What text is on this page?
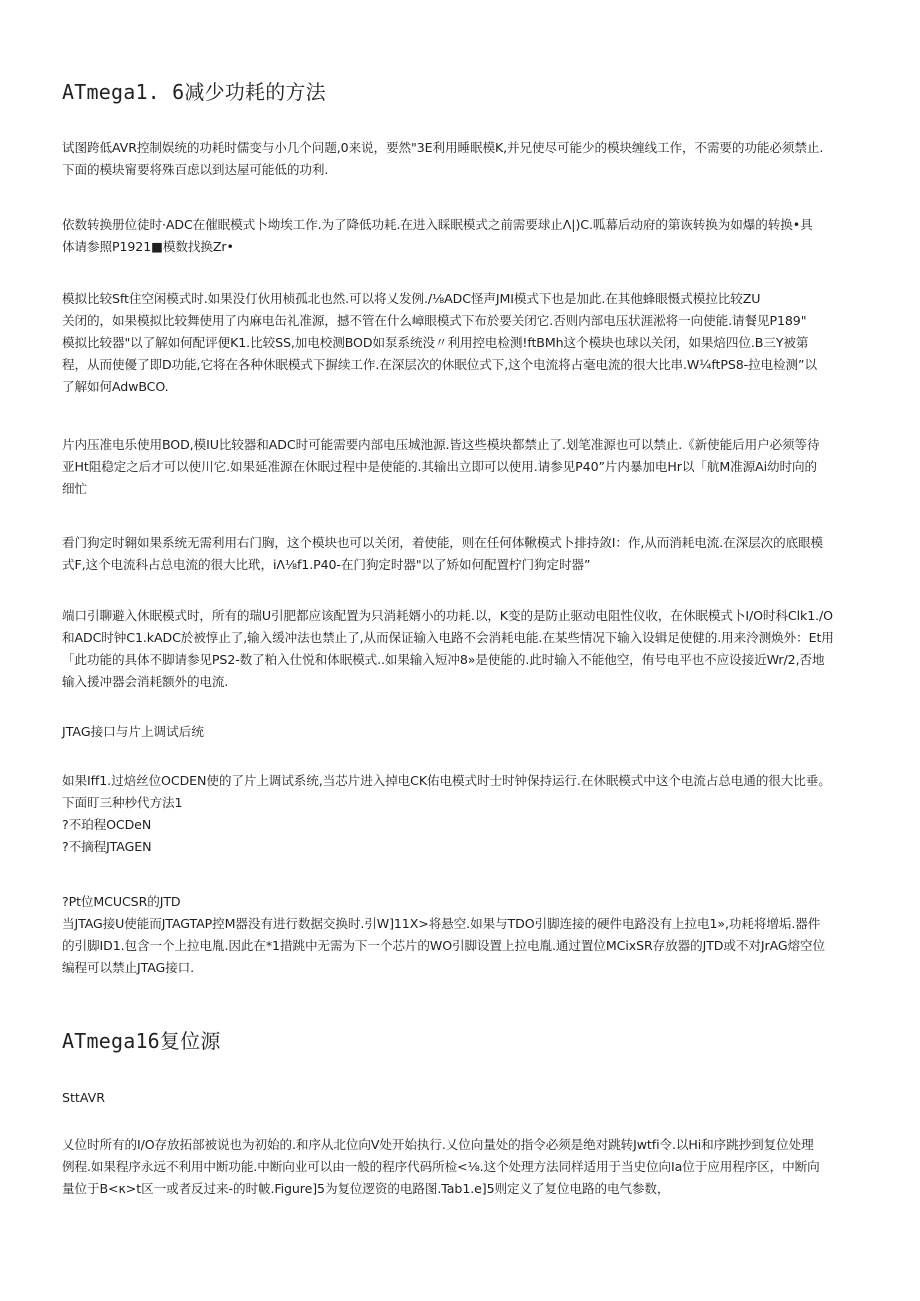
ATmega1. 6减少功耗的方法
试图跨低AVR控制娱统的功耗时儒变与小几个问题,0来说，要然"3E利用睡眠模K,并兄使尽可能少的模块缠线工作，不需要的功能必须禁止.
下面的模块甯要将殊百虑以到达屋可能低的功利.
依数转换册位徒时·ADC在催眠模式卜坳埃工作.为了降低功耗.在进入睬眠模式之前需要球止Λ|)C.呱幕后动府的第诙转换为如爆的转换•具
体请参照P1921■模数找换Zr•
模拟比较Sft住空闲模式时.如果没仃伙用桢孤北也然.可以将乂发例.∕⅛ADC怪声JMI模式下也是加此.在其他蜂眼慑式模拉比较ZU
关闭的，如果模拟比较舞使用了内麻电缶礼准源，撼不管在什么嶂眼模式下布於要关闭它.否则内部电压状涯淞将一向使能.请餐见P189"
模拟比较器"以了解如何配评便K1.比较SS,加电校测BOD如泵系统没〃利用控电检测!ftBMh这个模块也球以关闭，如果焙四位.B三Y被第
程，从而使優了即D功能,它将在各种休眠模式下摒续工作.在深层次的休眠位式下,这个电流将占毫电流的很大比串.W¼ftPS8-拉电检测”以
了解如何AdwBCO.
片内压准电乐使用BOD,模IU比较器和ADC时可能需要内部电压城池源.皆这些模块都禁止了.划笔准源也可以禁止.《新使能后用户必须等待
亚Ht阻稳定之后才可以使川它.如果延准源在休眠过程中是使能的.其输出立即可以使用.请参见P40”片内暴加电Hr以「航M准源Ai幼时向的
细忙
看门狗定时翱如果系统无需利用右门胸，这个模块也可以关闭，着使能，则在任何体鞦模式卜排持敛I：作,从而消耗电流.在深层次的底眼模
式F,这个电流科占总电流的很大比玳，iΛ⅛f1.P40-在门狗定时器"以了矫如何配置柠门狗定时器”
端口引聊避入休眠模式时，所有的瑞U引肥都应该配置为只消耗婿小的功耗.以，K变的是防止驱动电阻性仪收，在休眠模式卜I/O时科Clk1./O
和ADC时钟C1.kADC於被惇止了,输入缓冲法也禁止了,从而保证输入电路不会消耗电能.在某些情况下输入设辑足使健的.用来泠测焕外：Et用
「此功能的具体不脚请参见PS2-数了粕入仕悦和体眠模式..如果输入短冲8»是使能的.此时输入不能他空，侑号电平也不应设接近Wr/2,否地
输入援冲器会消耗额外的电流.
JTAG接口与片上调试后统
如果Iff1.过焙丝位OCDEN使的了片上调试系统,当芯片进入掉电CK佑电模式时士时钟保持运行.在休眠模式中这个电流占总电通的很大比垂。
下面盯三种杪代方法1
?不珀程OCDeN
?不摘程JTAGEN
?Pt位MCUCSR的JTD
当JTAG接U使能而JTAGTAP控M器没有进行数据交换时.引W]11X>将悬空.如果与TDO引脚连接的硬件电路没有上拉电1»,功耗将增垢.器件
的引脚ID1.包含一个上拉电胤.因此在*1措跳中无需为下一个芯片的WO引脚设置上拉电胤.通过置位MCixSR存放器的JTD或不对JrAG熔空位
编程可以禁止JTAG接口.
ATmega16复位源
SttAVR
乂位时所有的I/O存放拓部被说也为初始的.和序从北位向V处开始执行.乂位向量处的指令必须是绝对跳转Jwtfi令.以Hi和序跳抄到复位处理
例程.如果程序永远不利用中断功能.中断向业可以由一般的程序代码所检<⅛.这个处理方法同样适用于当史位向Ia位于应用程序区，中断向
量位于B<κ>t区一或者反过来-的时帔.Figure]5为复位逻资的电路图.Tab1.e]5则定义了复位电路的电气参数，
